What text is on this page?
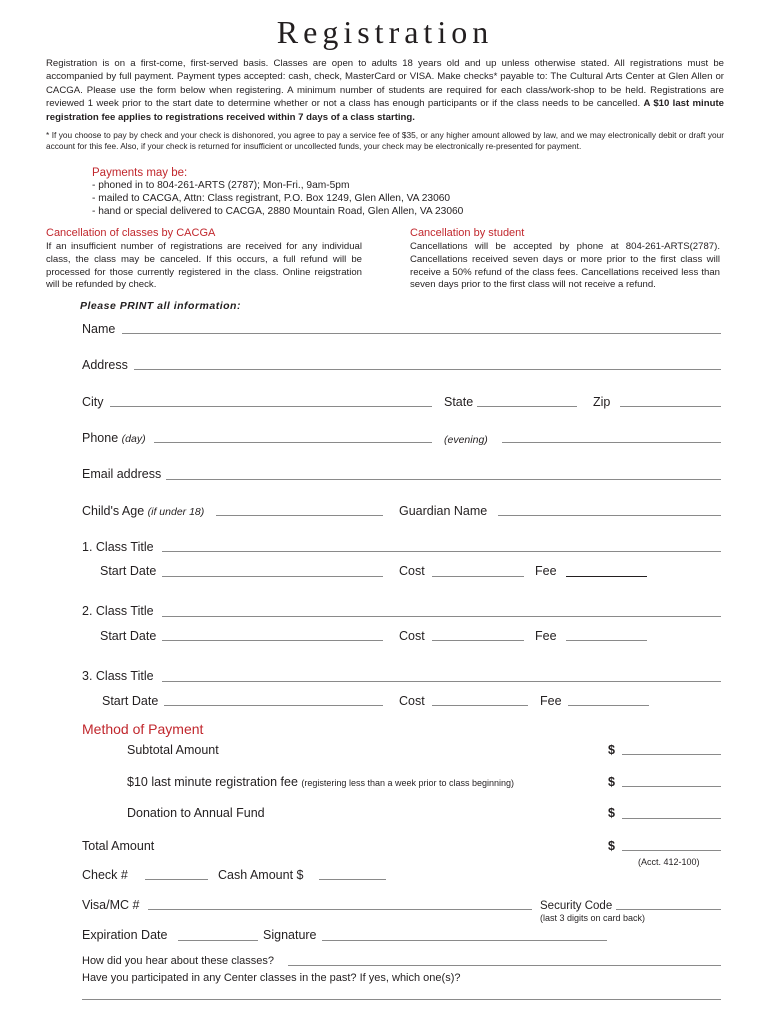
Registration
Registration is on a first-come, first-served basis. Classes are open to adults 18 years old and up unless otherwise stated. All registrations must be accompanied by full payment. Payment types accepted: cash, check, MasterCard or VISA. Make checks* payable to: The Cultural Arts Center at Glen Allen or CACGA. Please use the form below when registering. A minimum number of students are required for each class/work-shop to be held. Registrations are reviewed 1 week prior to the start date to determine whether or not a class has enough participants or if the class needs to be cancelled. A $10 last minute registration fee applies to registrations received within 7 days of a class starting.
* If you choose to pay by check and your check is dishonored, you agree to pay a service fee of $35, or any higher amount allowed by law, and we may electronically debit or draft your account for this fee. Also, if your check is returned for insufficient or uncollected funds, your check may be electronically re-presented for payment.
Payments may be:
- phoned in to 804-261-ARTS (2787); Mon-Fri., 9am-5pm
- mailed to CACGA, Attn: Class registrant, P.O. Box 1249, Glen Allen, VA 23060
- hand or special delivered to CACGA, 2880 Mountain Road, Glen Allen, VA 23060
Cancellation of classes by CACGA
If an insufficient number of registrations are received for any individual class, the class may be canceled. If this occurs, a full refund will be processed for those currently registered in the class. Online reigstration will be refunded by check.
Cancellation by student
Cancellations will be accepted by phone at 804-261-ARTS(2787). Cancellations received seven days or more prior to the first class will receive a 50% refund of the class fees. Cancellations received less than seven days prior to the first class will not receive a refund.
Please PRINT all information:
Name
Address
City	State	Zip
Phone (day)	(evening)
Email address
Child's Age (if under 18)	Guardian Name
1. Class Title
Start Date	Cost	Fee
2. Class Title
Start Date	Cost	Fee
3. Class Title
Start Date	Cost	Fee
Method of Payment
Subtotal Amount	$
$10 last minute registration fee (registering less than a week prior to class beginning)	$
Donation to Annual Fund	$
Total Amount	$
(Acct. 412-100)
Check #	Cash Amount $
Visa/MC #	Security Code
(last 3 digits on card back)
Expiration Date	Signature
How did you hear about these classes?
Have you participated in any Center classes in the past? If yes, which one(s)?
